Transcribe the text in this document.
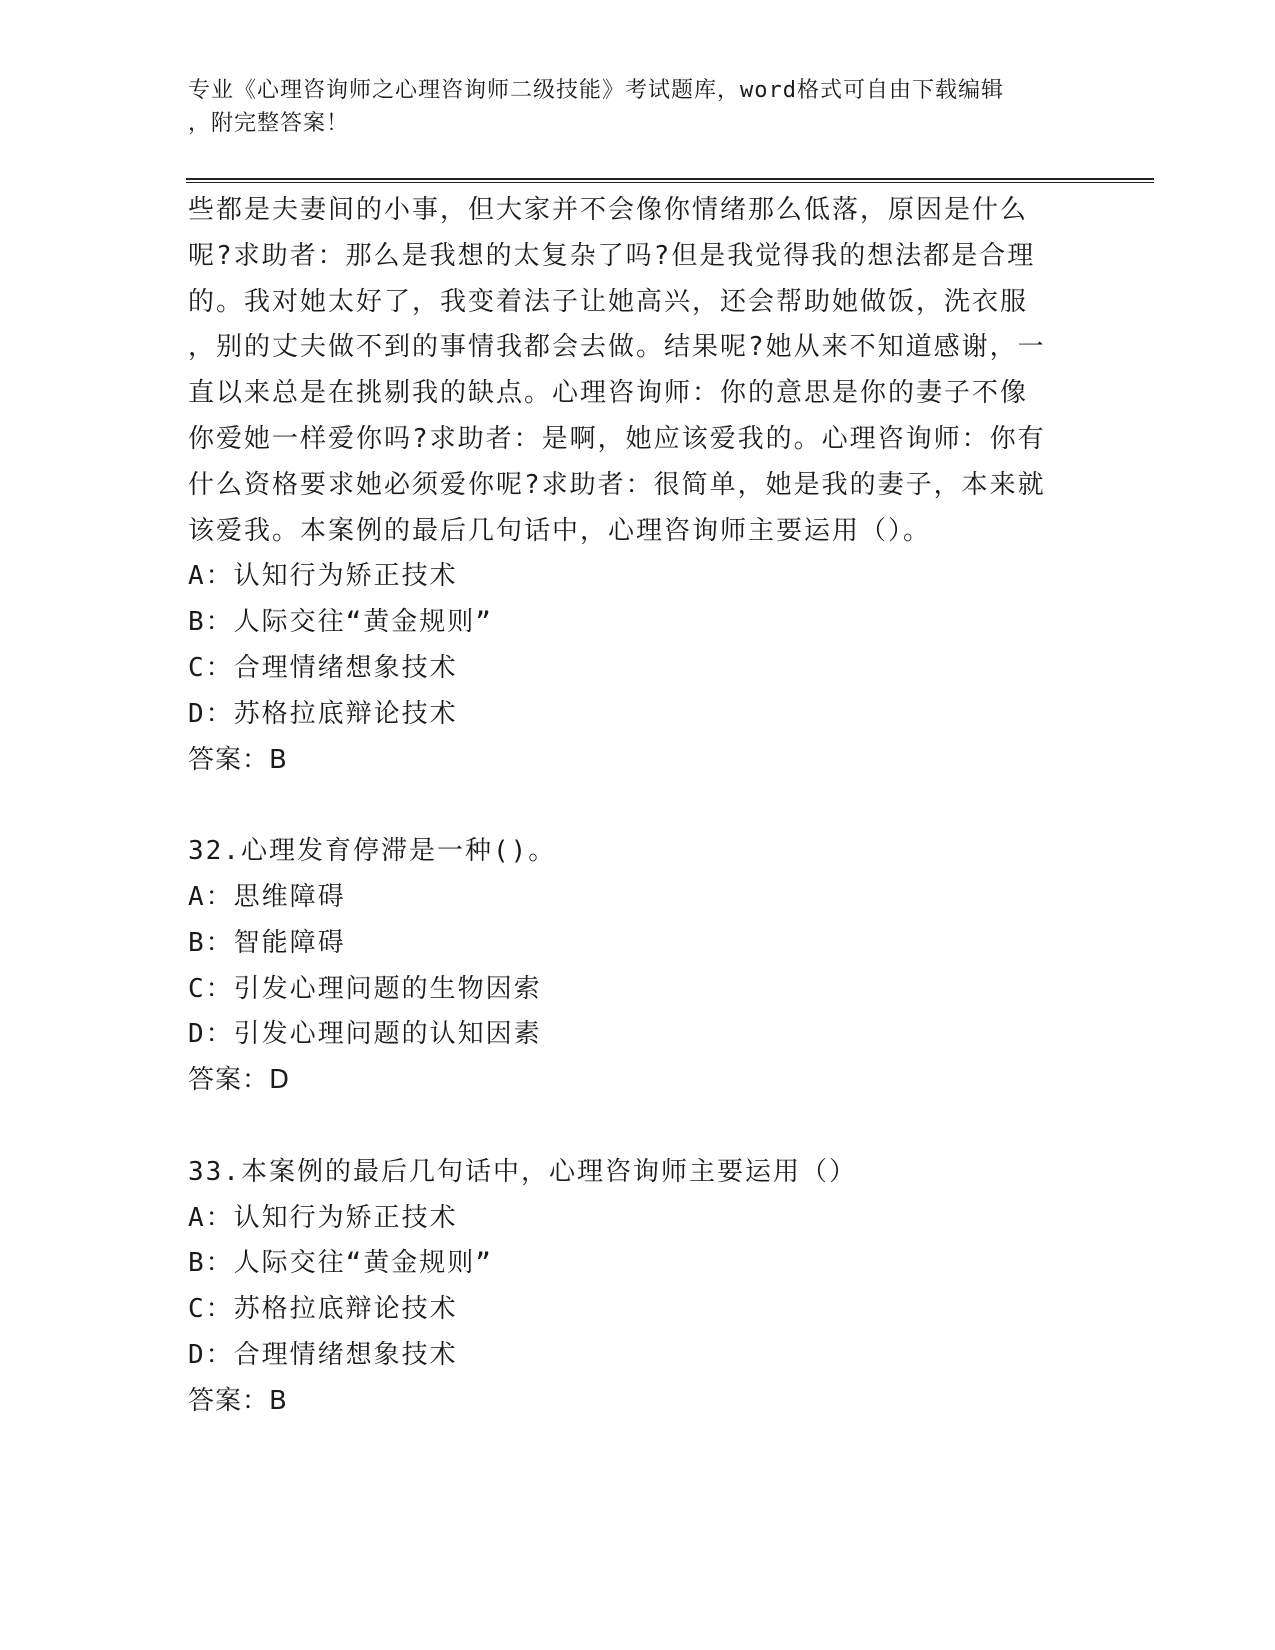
专业《心理咨询师之心理咨询师二级技能》考试题库，word格式可自由下载编辑
，附完整答案！
些都是夫妻间的小事，但大家并不会像你情绪那么低落，原因是什么
呢?求助者：那么是我想的太复杂了吗?但是我觉得我的想法都是合理
的。我对她太好了，我变着法子让她高兴，还会帮助她做饭，洗衣服
，别的丈夫做不到的事情我都会去做。结果呢?她从来不知道感谢，一
直以来总是在挑剔我的缺点。心理咨询师：你的意思是你的妻子不像
你爱她一样爱你吗?求助者：是啊，她应该爱我的。心理咨询师：你有
什么资格要求她必须爱你呢?求助者：很简单，她是我的妻子，本来就
该爱我。本案例的最后几句话中，心理咨询师主要运用（）。
A：认知行为矫正技术
B：人际交往“黄金规则”
C：合理情绪想象技术
D：苏格拉底辩论技术
答案：B
32.心理发育停滞是一种()。
A：思维障碍
B：智能障碍
C：引发心理问题的生物因索
D：引发心理问题的认知因素
答案：D
33.本案例的最后几句话中，心理咨询师主要运用（）
A：认知行为矫正技术
B：人际交往“黄金规则”
C：苏格拉底辩论技术
D：合理情绪想象技术
答案：B
